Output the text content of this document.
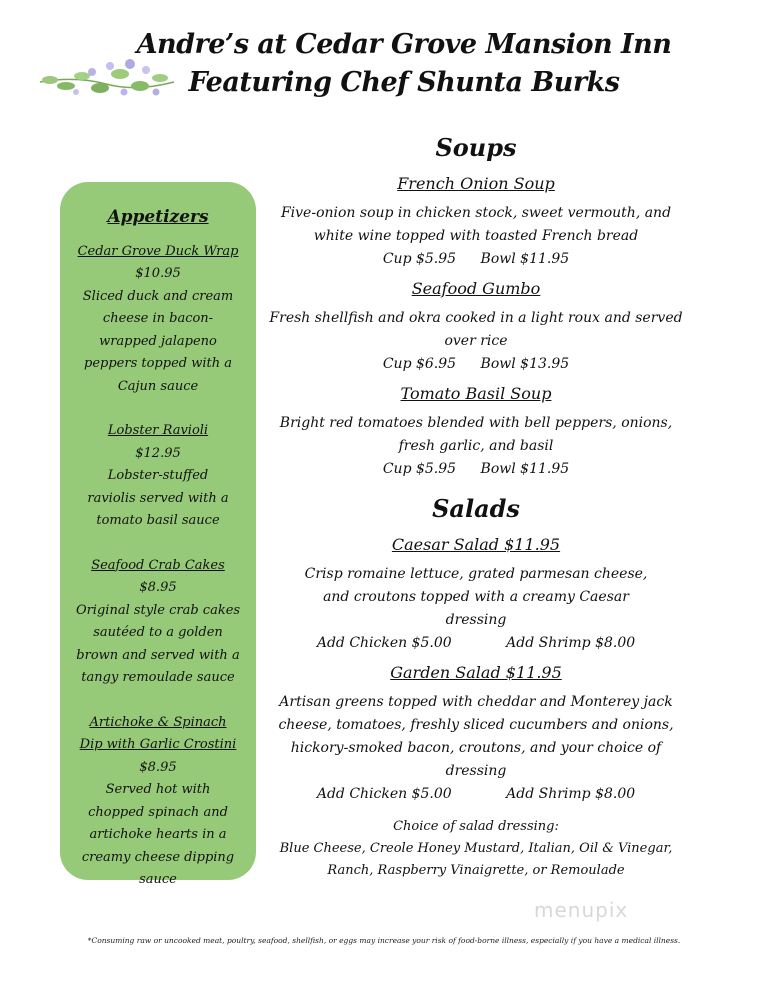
Andre’s at Cedar Grove Mansion Inn
Featuring Chef Shunta Burks
Appetizers
Cedar Grove Duck Wrap
$10.95
Sliced duck and cream cheese in bacon-wrapped jalapeno peppers topped with a Cajun sauce
Lobster Ravioli
$12.95
Lobster-stuffed raviolis served with a tomato basil sauce
Seafood Crab Cakes
$8.95
Original style crab cakes sautéed to a golden brown and served with a tangy remoulade sauce
Artichoke & Spinach Dip with Garlic Crostini
$8.95
Served hot with chopped spinach and artichoke hearts in a creamy cheese dipping sauce
Soups
French Onion Soup
Five-onion soup in chicken stock, sweet vermouth, and white wine topped with toasted French bread
Cup $5.95 Bowl $11.95
Seafood Gumbo
Fresh shellfish and okra cooked in a light roux and served over rice
Cup $6.95 Bowl $13.95
Tomato Basil Soup
Bright red tomatoes blended with bell peppers, onions, fresh garlic, and basil
Cup $5.95 Bowl $11.95
Salads
Caesar Salad $11.95
Crisp romaine lettuce, grated parmesan cheese, and croutons topped with a creamy Caesar dressing
Add Chicken $5.00	Add Shrimp $8.00
Garden Salad $11.95
Artisan greens topped with cheddar and Monterey jack cheese, tomatoes, freshly sliced cucumbers and onions, hickory-smoked bacon, croutons, and your choice of dressing
Add Chicken $5.00	Add Shrimp $8.00
Choice of salad dressing:
Blue Cheese, Creole Honey Mustard, Italian, Oil & Vinegar, Ranch, Raspberry Vinaigrette, or Remoulade
menupix
*Consuming raw or uncooked meat, poultry, seafood, shellfish, or eggs may increase your risk of food-borne illness, especially if you have a medical illness.
